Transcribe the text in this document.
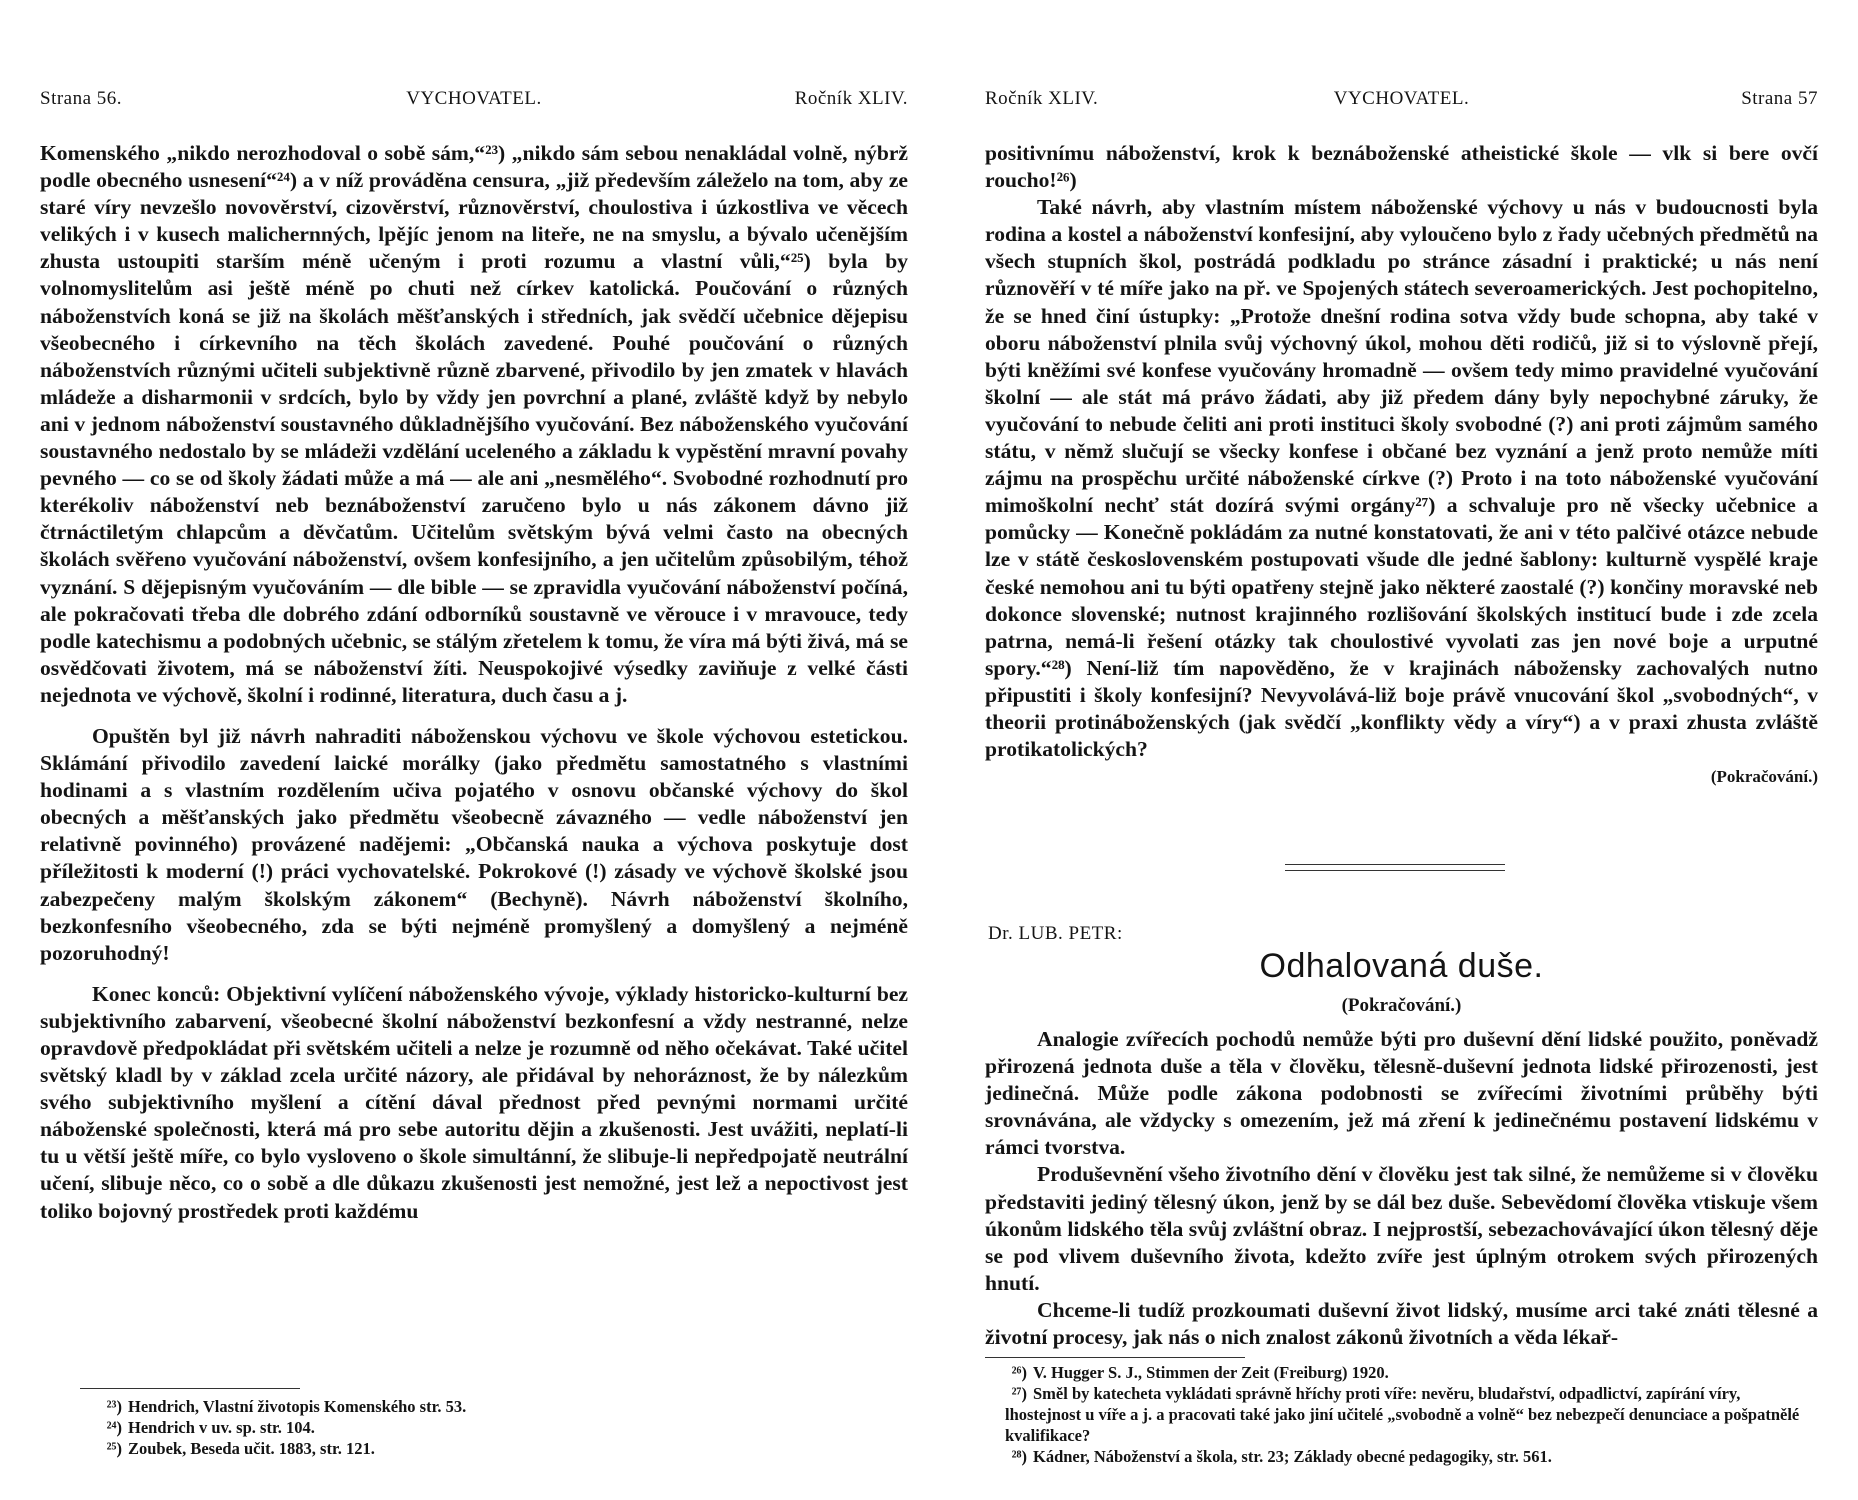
Strana 56.	VYCHOVATEL.	Ročník XLIV.

Komenského „nikdo nerozhodoval o sobě sám,“²³) „nikdo sám sebou nenakládal volně, nýbrž podle obecného usnesení“²⁴) a v níž prováděna censura, „již především záleželo na tom, aby ze staré víry nevzešlo novověrství, cizověrství, různověrství, choulostiva i úzkostliva ve věcech velikých i v kusech malichernných, lpějíc jenom na liteře, ne na smyslu, a bývalo učenějším zhusta ustoupiti starším méně učeným i proti rozumu a vlastní vůli,“²⁵) byla by volnomyslitelům asi ještě méně po chuti než církev katolická. Poučování o různých náboženstvích koná se již na školách měšťanských i středních, jak svědčí učebnice dějepisu všeobecného i církevního na těch školách zavedené. Pouhé poučování o různých náboženstvích různými učiteli subjektivně různě zbarvené, přivodilo by jen zmatek v hlavách mládeže a disharmonii v srdcích, bylo by vždy jen povrchní a plané, zvláště když by nebylo ani v jednom náboženství soustavného důkladnějšího vyučování. Bez náboženského vyučování soustavného nedostalo by se mládeži vzdělání uceleného a základu k vypěstění mravní povahy pevného — co se od školy žádati může a má — ale ani „nesmělého“. Svobodné rozhodnutí pro kterékoliv náboženství neb beznáboženství zaručeno bylo u nás zákonem dávno již čtrnáctiletým chlapcům a děvčatům. Učitelům světským bývá velmi často na obecných školách svěřeno vyučování náboženství, ovšem konfesijního, a jen učitelům způsobilým, téhož vyznání. S dějepisným vyučováním — dle bible — se zpravidla vyučování náboženství počíná, ale pokračovati třeba dle dobrého zdání odborníků soustavně ve věrouce i v mravouce, tedy podle katechismu a podobných učebnic, se stálým zřetelem k tomu, že víra má býti živá, má se osvědčovati životem, má se náboženství žíti. Neuspokojivé výsedky zaviňuje z velké části nejednota ve výchově, školní i rodinné, literatura, duch času a j.

Opuštěn byl již návrh nahraditi náboženskou výchovu ve škole výchovou estetickou. Sklámání přivodilo zavedení laické morálky (jako předmětu samostatného s vlastními hodinami a s vlastním rozdělením učiva pojatého v osnovu občanské výchovy do škol obecných a měšťanských jako předmětu všeobecně závazného — vedle náboženství jen relativně povinného) provázené nadějemi: „Občanská nauka a výchova poskytuje dost příležitosti k moderní (!) práci vychovatelské. Pokrokové (!) zásady ve výchově školské jsou zabezpečeny malým školským zákonem“ (Bechyně). Návrh náboženství školního, bezkonfesního všeobecného, zda se býti nejméně promyšlený a domyšlený a nejméně pozoruhodný!

Konec konců: Objektivní vylíčení náboženského vývoje, výklady historicko-kulturní bez subjektivního zabarvení, všeobecné školní náboženství bezkonfesní a vždy nestranné, nelze opravdově předpokládat při světském učiteli a nelze je rozumně od něho očekávat. Také učitel světský kladl by v základ zcela určité názory, ale přidával by nehoráznost, že by nálezkům svého subjektivního myšlení a cítění dával přednost před pevnými normami určité náboženské společnosti, která má pro sebe autoritu dějin a zkušenosti. Jest uvážiti, neplatí-li tu u větší ještě míře, co bylo vysloveno o škole simultánní, že slibuje-li nepředpojatě neutrální učení, slibuje něco, co o sobě a dle důkazu zkušenosti jest nemožné, jest lež a nepoctivost jest toliko bojovný prostředek proti každému

²³) Hendrich, Vlastní životopis Komenského str. 53.
²⁴) Hendrich v uv. sp. str. 104.
²⁵) Zoubek, Beseda učit. 1883, str. 121.
Ročník XLIV.	VYCHOVATEL.	Strana 57

positivnímu náboženství, krok k beznáboženské atheistické škole — vlk si bere ovčí roucho!²⁶)

Také návrh, aby vlastním místem náboženské výchovy u nás v budoucnosti byla rodina a kostel a náboženství konfesijní, aby vyloučeno bylo z řady učebných předmětů na všech stupních škol, postrádá podkladu po stránce zásadní i praktické; u nás není různověří v té míře jako na př. ve Spojených státech severoamerických. Jest pochopitelno, že se hned činí ústupky: „Protože dnešní rodina sotva vždy bude schopna, aby také v oboru náboženství plnila svůj výchovný úkol, mohou děti rodičů, již si to výslovně přejí, býti kněžími své konfese vyučovány hromadně — ovšem tedy mimo pravidelné vyučování školní — ale stát má právo žádati, aby již předem dány byly nepochybné záruky, že vyučování to nebude čeliti ani proti instituci školy svobodné (?) ani proti zájmům samého státu, v němž slučují se všecky konfese i občané bez vyznání a jenž proto nemůže míti zájmu na prospěchu určité náboženské církve (?) Proto i na toto náboženské vyučování mimoškolní nechť stát dozírá svými orgány²⁷) a schvaluje pro ně všecky učebnice a pomůcky — Konečně pokládám za nutné konstatovati, že ani v této palčivé otázce nebude lze v státě československém postupovati všude dle jedné šablony: kulturně vyspělé kraje české nemohou ani tu býti opatřeny stejně jako některé zaostalé (?) končiny moravské neb dokonce slovenské; nutnost krajinného rozlišování školských institucí bude i zde zcela patrna, nemá-li řešení otázky tak choulostivé vyvolati zas jen nové boje a urputné spory.“²⁸) Není-liž tím napověděno, že v krajinách nábožensky zachovalých nutno připustiti i školy konfesijní? Nevyvolává-liž boje právě vnucování škol „svobodných“, v theorii protináboženských (jak svědčí „konflikty vědy a víry“) a v praxi zhusta zvláště protikatolických?

(Pokračování.)
Dr. LUB. PETR:
Odhalovaná duše.
(Pokračování.)

Analogie zvířecích pochodů nemůže býti pro duševní dění lidské použito, poněvadž přirozená jednota duše a těla v člověku, tělesně-duševní jednota lidské přirozenosti, jest jedinečná. Může podle zákona podobnosti se zvířecími životními průběhy býti srovnávána, ale vždycky s omezením, jež má zření k jedinečnému postavení lidskému v rámci tvorstva.

Produševnění všeho životního dění v člověku jest tak silné, že nemůžeme si v člověku představiti jediný tělesný úkon, jenž by se dál bez duše. Sebevědomí člověka vtiskuje všem úkonům lidského těla svůj zvláštní obraz. I nejprostší, sebezachovávající úkon tělesný děje se pod vlivem duševního života, kdežto zvíře jest úplným otrokem svých přirozených hnutí.

Chceme-li tudíž prozkoumati duševní život lidský, musíme arci také znáti tělesné a životní procesy, jak nás o nich znalost zákonů životních a věda lékař-

²⁶) V. Hugger S. J., Stimmen der Zeit (Freiburg) 1920.
²⁷) Směl by katecheta vykládati správně hříchy proti víře: nevěru, bludařství, odpadlictví, zapírání víry, lhostejnost u víře a j. a pracovati také jako jiní učitelé „svobodně a volně“ bez nebezpečí denunciace a pošpatnělé kvalifikace?
²⁸) Kádner, Náboženství a škola, str. 23; Základy obecné pedagogiky, str. 561.
